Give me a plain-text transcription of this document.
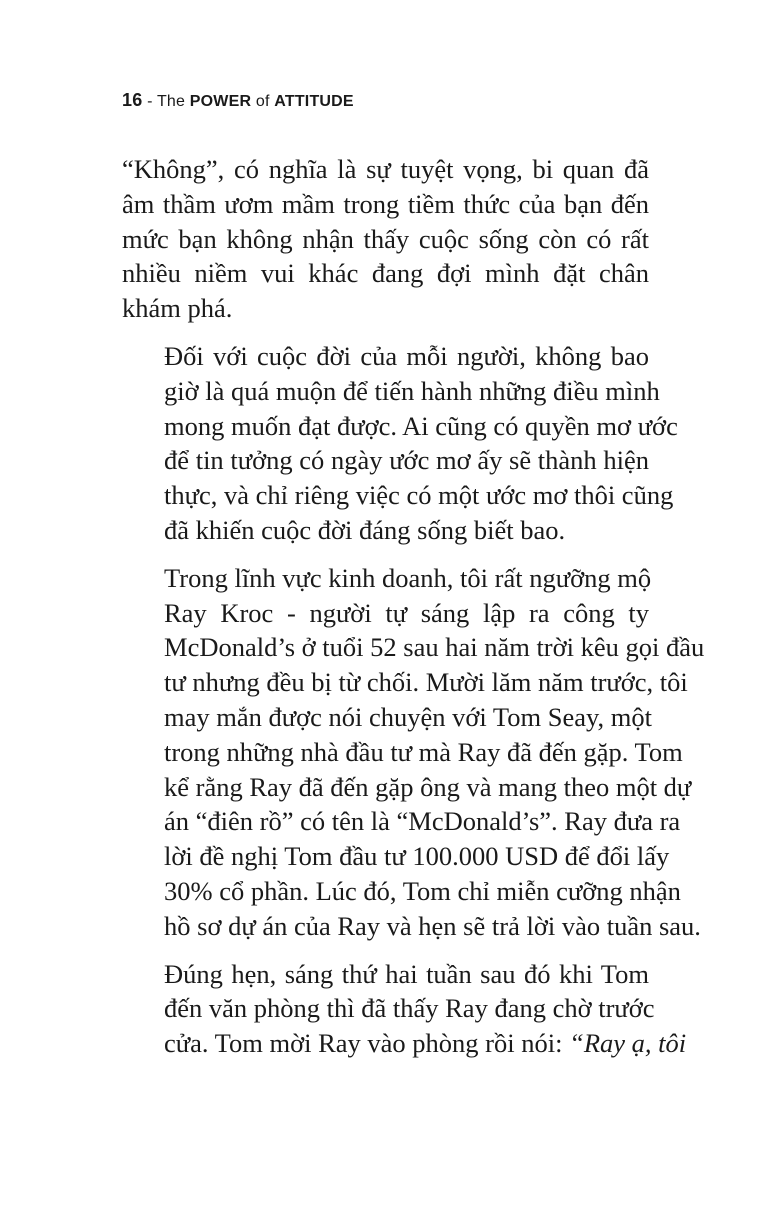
16 - The POWER of ATTITUDE
“Không”, có nghĩa là sự tuyệt vọng, bi quan đã
âm thầm ươm mầm trong tiềm thức của bạn đến
mức bạn không nhận thấy cuộc sống còn có rất
nhiều niềm vui khác đang đợi mình đặt chân
khám phá.
Đối với cuộc đời của mỗi người, không bao
giờ là quá muộn để tiến hành những điều mình
mong muốn đạt được. Ai cũng có quyền mơ ước
để tin tưởng có ngày ước mơ ấy sẽ thành hiện
thực, và chỉ riêng việc có một ước mơ thôi cũng
đã khiến cuộc đời đáng sống biết bao.
Trong lĩnh vực kinh doanh, tôi rất ngưỡng mộ
Ray Kroc - người tự sáng lập ra công ty
McDonald’s ở tuổi 52 sau hai năm trời kêu gọi đầu
tư nhưng đều bị từ chối. Mười lăm năm trước, tôi
may mắn được nói chuyện với Tom Seay, một
trong những nhà đầu tư mà Ray đã đến gặp. Tom
kể rằng Ray đã đến gặp ông và mang theo một dự
án “điên rồ” có tên là “McDonald’s”. Ray đưa ra
lời đề nghị Tom đầu tư 100.000 USD để đổi lấy
30% cổ phần. Lúc đó, Tom chỉ miễn cưỡng nhận
hồ sơ dự án của Ray và hẹn sẽ trả lời vào tuần sau.
Đúng hẹn, sáng thứ hai tuần sau đó khi Tom
đến văn phòng thì đã thấy Ray đang chờ trước
cửa. Tom mời Ray vào phòng rồi nói: “Ray ạ, tôi
